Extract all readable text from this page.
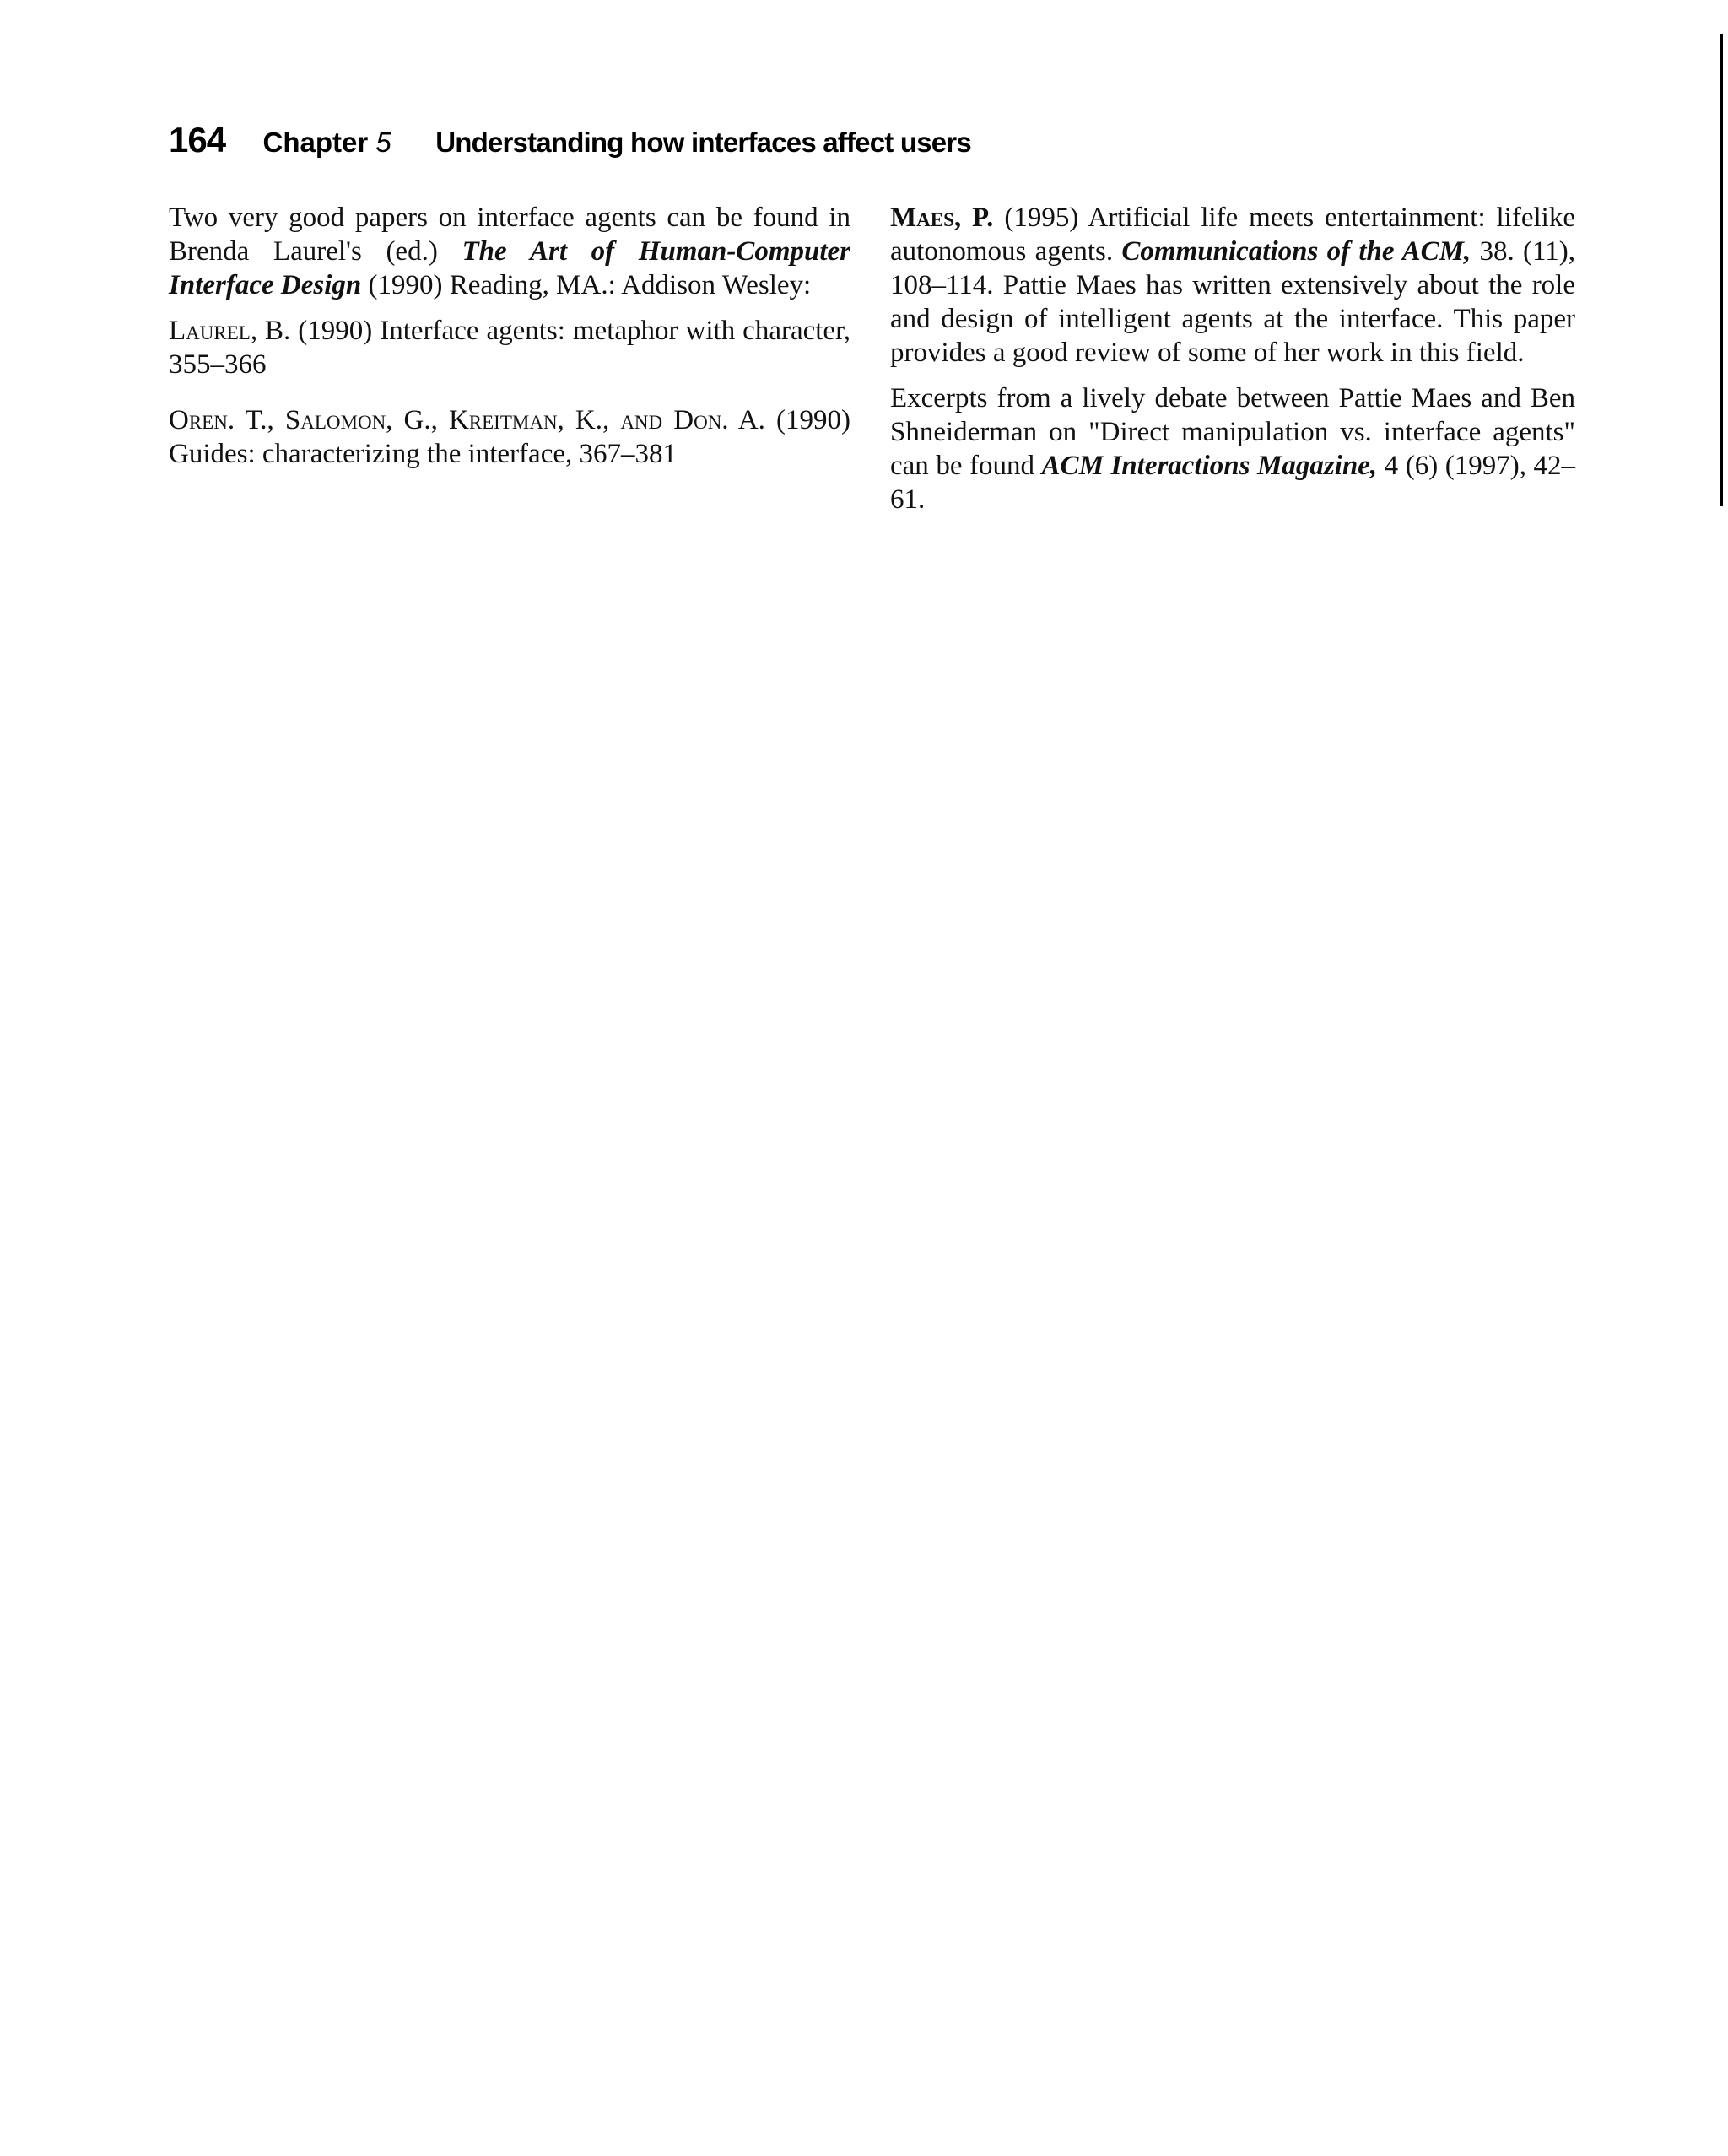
164 Chapter 5 Understanding how interfaces affect users

Two very good papers on interface agents can be found in Brenda Laurel's (ed.) The Art of Human-Computer Interface Design (1990) Reading, MA.: Addison Wesley:

Laurel, B. (1990) Interface agents: metaphor with character, 355–366

Oren. T., Salomon, G., Kreitman, K., and Don. A. (1990) Guides: characterizing the interface, 367–381

Maes, P. (1995) Artificial life meets entertainment: lifelike autonomous agents. Communications of the ACM, 38. (11), 108–114. Pattie Maes has written extensively about the role and design of intelligent agents at the interface. This paper provides a good review of some of her work in this field.

Excerpts from a lively debate between Pattie Maes and Ben Shneiderman on "Direct manipulation vs. interface agents" can be found ACM Interactions Magazine, 4 (6) (1997), 42–61.
